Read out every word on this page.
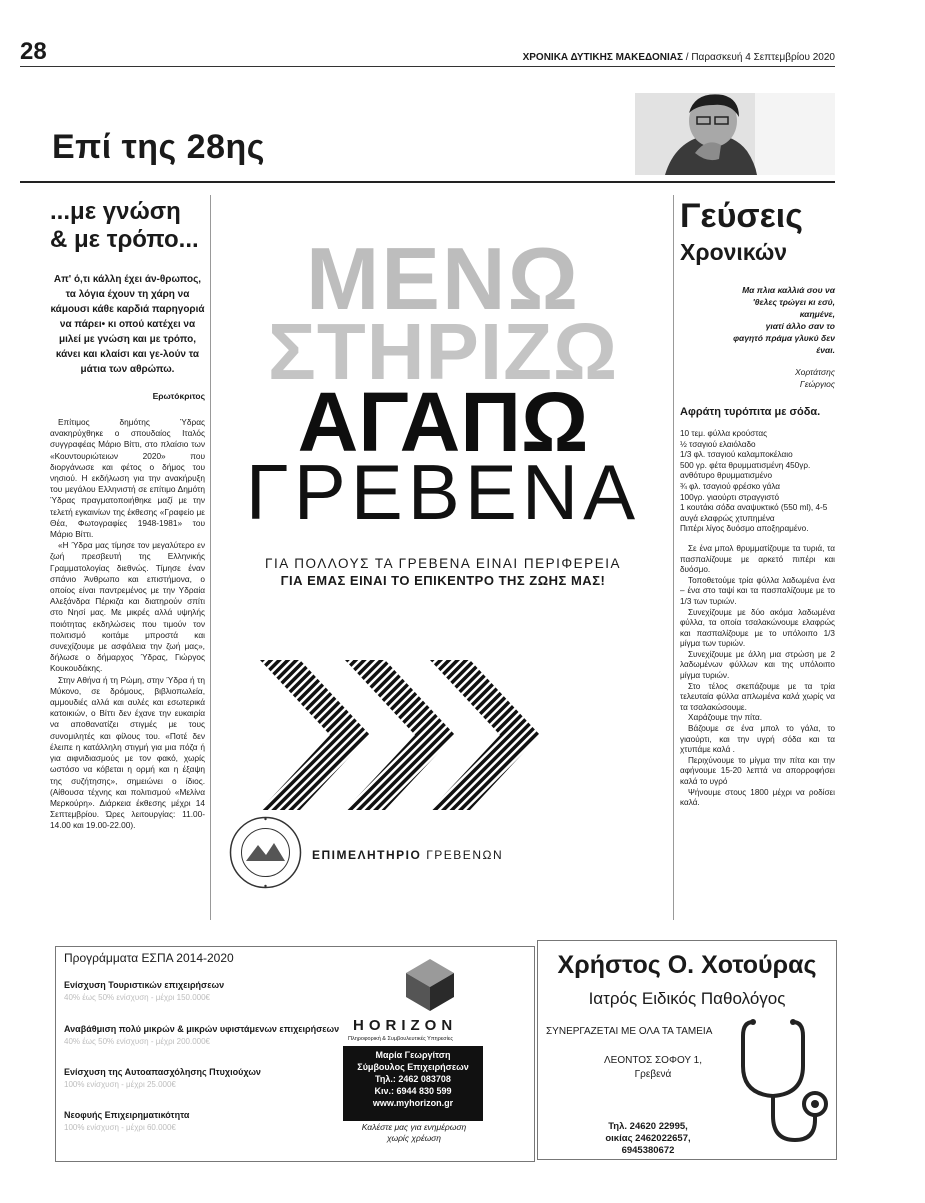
28	ΧΡΟΝΙΚΑ ΔΥΤΙΚΗΣ ΜΑΚΕΔΟΝΙΑΣ / Παρασκευή 4 Σεπτεμβρίου 2020
Επί της 28ης
...με γνώση
& με τρόπο...
Απ' ό,τι κάλλη έχει άν-θρωπος, τα λόγια έχουν τη χάρη να κάμουσι κάθε καρδιά παρηγοριά να πάρει• κι οπού κατέχει να μιλεί με γνώση και με τρόπο, κάνει και κλαίσι και γε-λούν τα μάτια των αθρώπω.
Ερωτόκριτος

Επίτιμος δημότης Ύδρας ανακηρύχθηκε ο σπουδαίος Ιταλός συγγραφέας Μάριο Βίττι, στο πλαίσιο των «Κουντουριώτειων 2020» που διοργάνωσε και φέτος ο δήμος του νησιού. Η εκδήλωση για την ανακήρυξη του μεγάλου Ελληνιστή σε επίτιμο Δημότη Ύδρας πραγματοποιήθηκε μαζί με την τελετή εγκαινίων της έκθεσης «Γραφείο με Θέα, Φωτογραφίες 1948-1981» του Μάριο Βίττι.

«Η Ύδρα μας τίμησε τον μεγαλύτερο εν ζωή πρεσβευτή της Ελληνικής Γραμματολογίας διεθνώς. Τίμησε έναν σπάνιο Άνθρωπο και επιστήμονα, ο οποίος είναι παντρεμένος με την Υδραία Αλεξάνδρα Πέρκιζα και διατηρούν σπίτι στο Νησί μας. Με μικρές αλλά υψηλής ποιότητας εκδηλώσεις που τιμούν τον πολιτισμό κοιτάμε μπροστά και συνεχίζουμε με ασφάλεια την ζωή μας», δήλωσε ο δήμαρχος Ύδρας, Γιώργος Κουκουδάκης.

Στην Αθήνα ή τη Ρώμη, στην Ύδρα ή τη Μύκονο, σε δρόμους, βιβλιοπωλεία, αμμουδιές αλλά και αυλές και εσωτερικά κατοικιών, ο Βίττι δεν έχανε την ευκαιρία να αποθανατίζει στιγμές με τους συνομιλητές και φίλους του. «Ποτέ δεν έλειπε η κατάλληλη στιγμή για μια πόζα ή για αιφνιδιασμούς με τον φακό, χωρίς ωστόσο να κόβεται η ορμή και η έξαψη της συζήτησης», σημειώνει ο ίδιος.(Αίθουσα τέχνης και πολιτισμού «Μελίνα Μερκούρη». Διάρκεια έκθεσης μέχρι 14 Σεπτεμβρίου. Ώρες λειτουργίας: 11.00-14.00 και 19.00-22.00).

ΜΕΝΩ
ΣΤΗΡΙΖΩ
ΑΓΑΠΩ
ΓΡΕΒΕΝΑ
ΓΙΑ ΠΟΛΛΟΥΣ ΤΑ ΓΡΕΒΕΝΑ ΕΙΝΑΙ ΠΕΡΙΦΕΡΕΙΑ
ΓΙΑ ΕΜΑΣ ΕΙΝΑΙ ΤΟ ΕΠΙΚΕΝΤΡΟ ΤΗΣ ΖΩΗΣ ΜΑΣ!
ΕΠΙΜΕΛΗΤΗΡΙΟ ΓΡΕΒΕΝΩΝ
Γεύσεις
Χρονικών
Μα πλια καλλιά σου να
'θελες τρώγει κι εσύ,
καημένε,
γιατί άλλο σαν το
φαγητό πράμα γλυκύ δεν
έναι.
Χορτάτσης
Γεώργιος
Αφράτη τυρόπιτα με σόδα.

10 τεμ. φύλλα κρούστας

½ τσαγιού ελαιόλαδο

1/3 φλ. τσαγιού καλαμποκέλαιο

500 γρ. φέτα θρυμματισμένη 450γρ. ανθότυρο θρυμματισμένο

¾ φλ. τσαγιού φρέσκο γάλα

100γρ. γιαούρτι στραγγιστό

1 κουτάκι σόδα αναψυκτικό (550 ml), 4-5 αυγά ελαφρώς χτυπημένα

Πιπέρι λίγος δυόσμο αποξηραμένο.

Σε ένα μπολ θρυμματίζουμε τα τυριά, τα πασπαλίζουμε με αρκετό πιπέρι και δυόσμο.

Τοποθετούμε τρία φύλλα λαδωμένα ένα – ένα στο ταψί και τα πασπαλίζουμε με το 1/3 των τυριών.

Συνεχίζουμε με δύο ακόμα λαδωμένα φύλλα, τα οποία τσαλακώνουμε ελαφρώς και πασπαλίζουμε με το υπόλοιπο 1/3 μίγμα των τυριών.

Συνεχίζουμε με άλλη μια στρώση με 2 λαδωμένων φύλλων και της υπόλοιπο μίγμα τυριών.

Στο τέλος σκεπάζουμε με τα τρία τελευταία φύλλα απλωμένα καλά χωρίς να τα τσαλακώσουμε.

Χαράζουμε την πίτα.

Βάζουμε σε ένα μπολ το γάλα, το γιαούρτι, και την υγρή σόδα και τα χτυπάμε καλά .

Περιχύνουμε το μίγμα την πίτα και την αφήνουμε 15-20 λεπτά να απορροφήσει καλά το υγρό

Ψήνουμε στους 1800 μέχρι να ροδίσει καλά.

Προγράμματα ΕΣΠΑ 2014-2020
Ενίσχυση Τουριστικών επιχειρήσεων
40% έως 50% ενίσχυση - μέχρι 150.000€
Αναβάθμιση πολύ μικρών & μικρών υφιστάμενων επιχειρήσεων
40% έως 50% ενίσχυση - μέχρι 200.000€
Ενίσχυση της Αυτοαπασχόλησης Πτυχιούχων
100% ενίσχυση - μέχρι 25.000€
Νεοφυής Επιχειρηματικότητα
100% ενίσχυση - μέχρι 60.000€
HORIZON
Πληροφορική & Συμβουλευτικές Υπηρεσίες
Μαρία Γεωργίτση
Σύμβουλος Επιχειρήσεων
Τηλ.: 2462 083708
Κιν.: 6944 830 599
www.myhorizon.gr
Καλέστε μας για ενημέρωση
χωρίς χρέωση
Χρήστος Ο. Χοτούρας
Ιατρός Ειδικός Παθολόγος
ΣΥΝΕΡΓΑΖΕΤΑΙ ΜΕ ΟΛΑ ΤΑ ΤΑΜΕΙΑ
ΛΕΟΝΤΟΣ ΣΟΦΟΥ 1,
Γρεβενά
Τηλ. 24620 22995,
οικίας 2462022657,
6945380672
